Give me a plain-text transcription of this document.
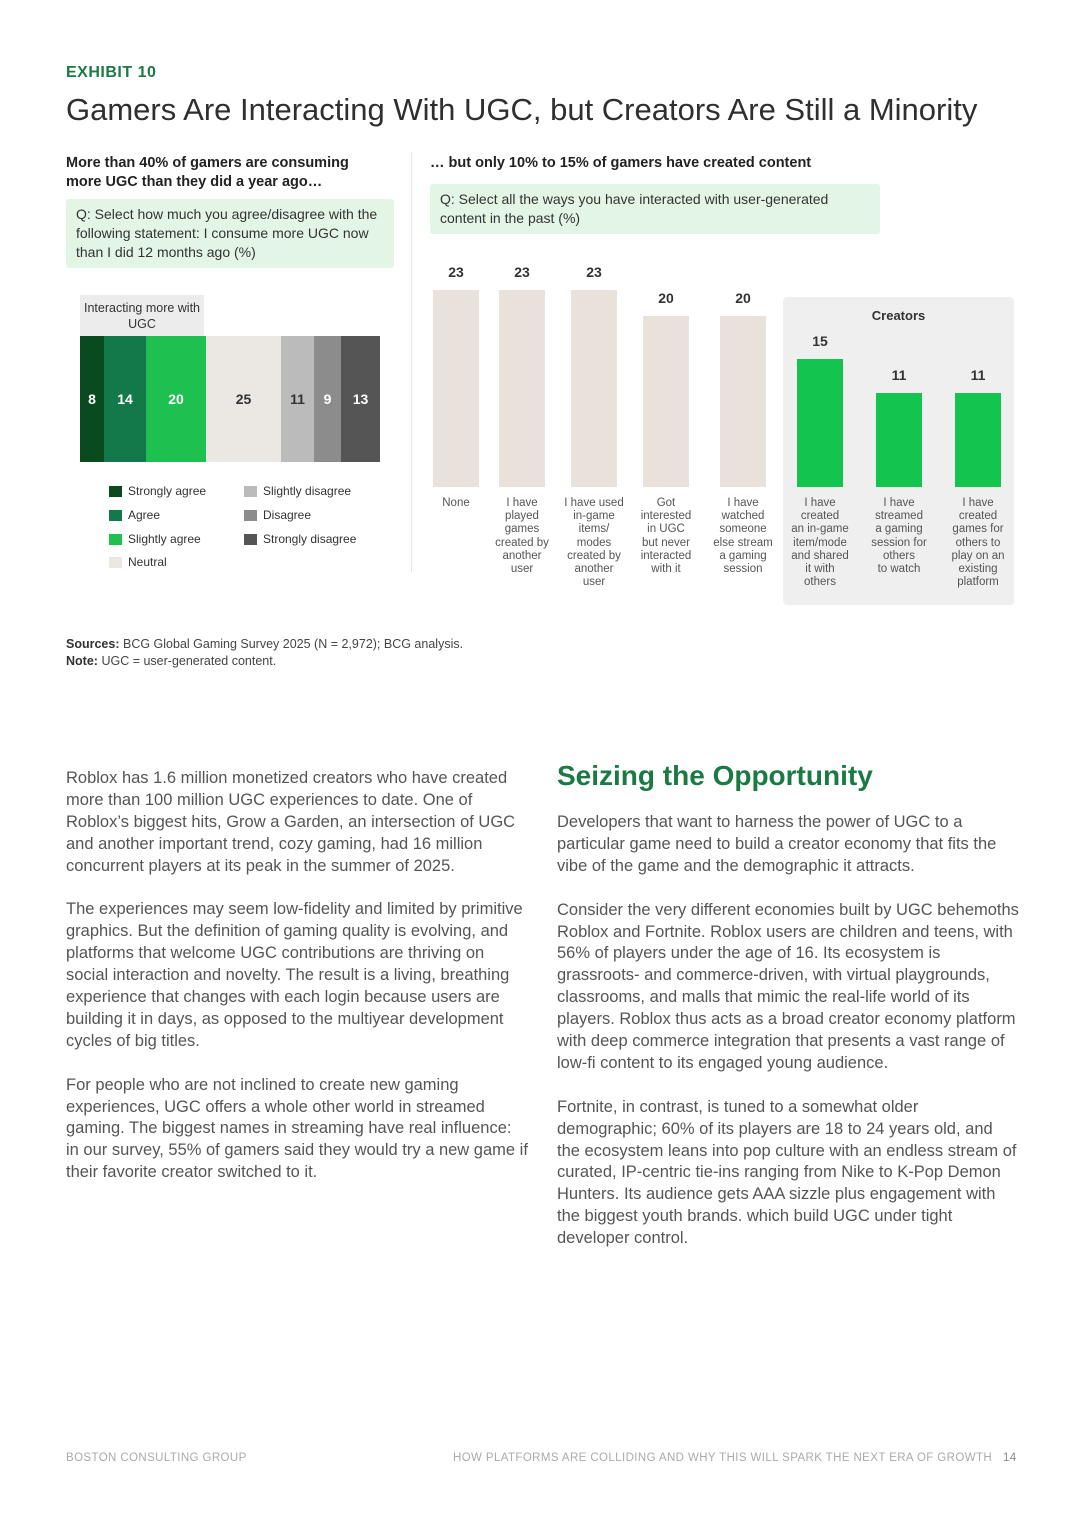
EXHIBIT 10
Gamers Are Interacting With UGC, but Creators Are Still a Minority
More than 40% of gamers are consuming more UGC than they did a year ago…
Q: Select how much you agree/disagree with the following statement: I consume more UGC now than I did 12 months ago (%)
Interacting more with UGC
8	14	20	25	11	9	13
Strongly agree
Agree
Slightly agree
Neutral
Slightly disagree
Disagree
Strongly disagree
… but only 10% to 15% of gamers have created content
Q: Select all the ways you have interacted with user-generated content in the past (%)
Creators
23
None
23
I have
played
games
created by
another
user
23
I have used
in-game
items/
modes
created by
another
user
20
Got
interested
in UGC
but never
interacted
with it
20
I have
watched
someone
else stream
a gaming
session
15
I have
created
an in-game
item/mode
and shared
it with
others
11
I have
streamed
a gaming
session for
others
to watch
11
I have
created
games for
others to
play on an
existing
platform
Sources: BCG Global Gaming Survey 2025 (N = 2,972); BCG analysis.
Note: UGC = user-generated content.

Roblox has 1.6 million monetized creators who have created more than 100 million UGC experiences to date. One of Roblox’s biggest hits, Grow a Garden, an intersection of UGC and another important trend, cozy gaming, had 16 million concurrent players at its peak in the summer of 2025.

The experiences may seem low-fidelity and limited by primitive graphics. But the definition of gaming quality is evolving, and platforms that welcome UGC contributions are thriving on social interaction and novelty. The result is a living, breathing experience that changes with each login because users are building it in days, as opposed to the multiyear development cycles of big titles.

For people who are not inclined to create new gaming experiences, UGC offers a whole other world in streamed gaming. The biggest names in streaming have real influence: in our survey, 55% of gamers said they would try a new game if their favorite creator switched to it.

Seizing the Opportunity

Developers that want to harness the power of UGC to a particular game need to build a creator economy that fits the vibe of the game and the demographic it attracts.

Consider the very different economies built by UGC behemoths Roblox and Fortnite. Roblox users are children and teens, with 56% of players under the age of 16. Its ecosystem is grassroots- and commerce-driven, with virtual playgrounds, classrooms, and malls that mimic the real-life world of its players. Roblox thus acts as a broad creator economy platform with deep commerce integration that presents a vast range of low-fi content to its engaged young audience.

Fortnite, in contrast, is tuned to a somewhat older demographic; 60% of its players are 18 to 24 years old, and the ecosystem leans into pop culture with an endless stream of curated, IP-centric tie-ins ranging from Nike to K-Pop Demon Hunters. Its audience gets AAA sizzle plus engagement with the biggest youth brands. which build UGC under tight developer control.

BOSTON CONSULTING GROUP	HOW PLATFORMS ARE COLLIDING AND WHY THIS WILL SPARK THE NEXT ERA OF GROWTH 14
